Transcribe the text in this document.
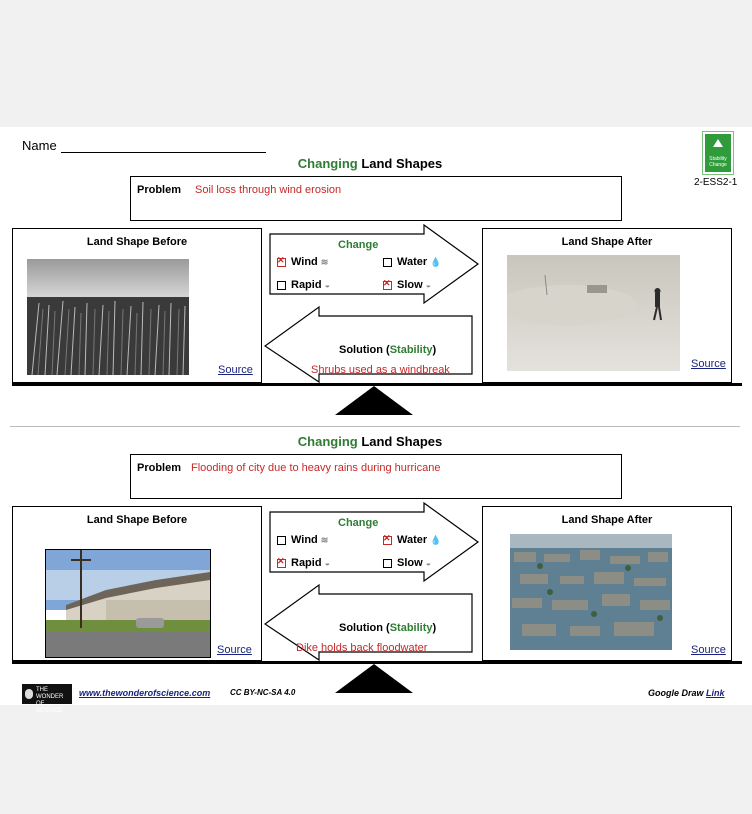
Name
Stability Change
2-ESS2-1
Changing Land Shapes
Problem Soil loss through wind erosion
Land Shape Before
Source
Change
✕Wind ≋	Water 💧
Rapid ◒ ✕	Slow ◒
Solution (Stability)
Shrubs used as a windbreak
Land Shape After
Source
Changing Land Shapes
Problem Flooding of city due to heavy rains during hurricane
Land Shape Before
Source
Change
Wind ≋ ✕	Water 💧
✕Rapid ◒	Slow ◒
Solution (Stability)
Dike holds back floodwater
Land Shape After
Source
THE WONDER OF SCIENCE
www.thewonderofscience.com CC BY-NC-SA 4.0	Google Draw Link
